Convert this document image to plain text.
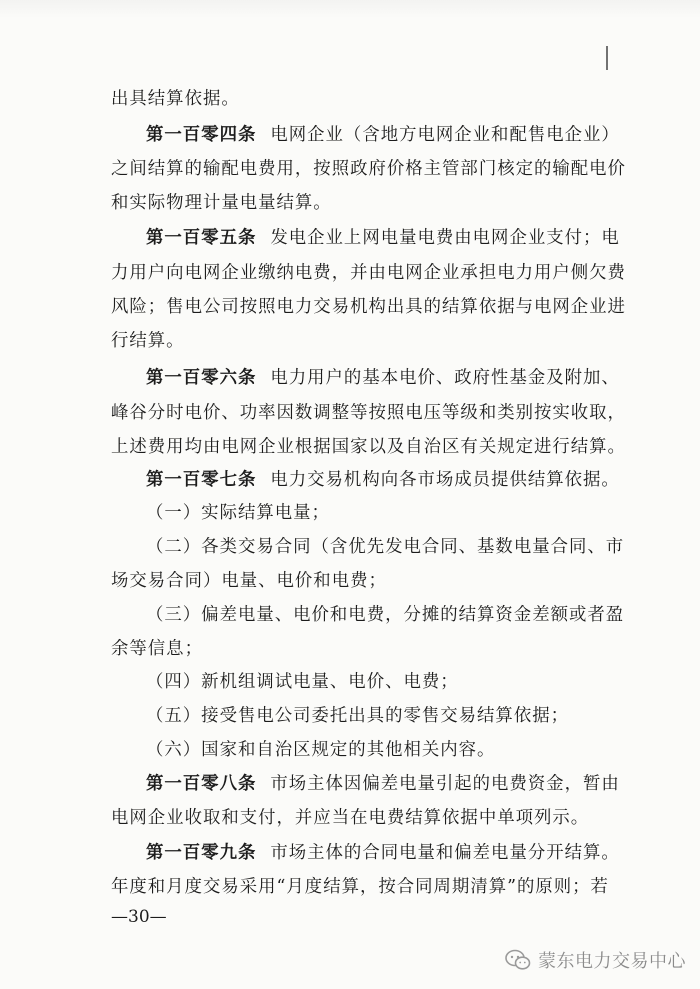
出具结算依据。
第一百零四条 电网企业（含地方电网企业和配售电企业）
之间结算的输配电费用，按照政府价格主管部门核定的输配电价
和实际物理计量电量结算。
第一百零五条 发电企业上网电量电费由电网企业支付；电
力用户向电网企业缴纳电费，并由电网企业承担电力用户侧欠费
风险；售电公司按照电力交易机构出具的结算依据与电网企业进
行结算。
第一百零六条 电力用户的基本电价、政府性基金及附加、
峰谷分时电价、功率因数调整等按照电压等级和类别按实收取，
上述费用均由电网企业根据国家以及自治区有关规定进行结算。
第一百零七条 电力交易机构向各市场成员提供结算依据。
（一）实际结算电量；
（二）各类交易合同（含优先发电合同、基数电量合同、市
场交易合同）电量、电价和电费；
（三）偏差电量、电价和电费，分摊的结算资金差额或者盈
余等信息；
（四）新机组调试电量、电价、电费；
（五）接受售电公司委托出具的零售交易结算依据；
（六）国家和自治区规定的其他相关内容。
第一百零八条 市场主体因偏差电量引起的电费资金，暂由
电网企业收取和支付，并应当在电费结算依据中单项列示。
第一百零九条 市场主体的合同电量和偏差电量分开结算。
年度和月度交易采用“月度结算，按合同周期清算”的原则；若
—30—
蒙东电力交易中心
